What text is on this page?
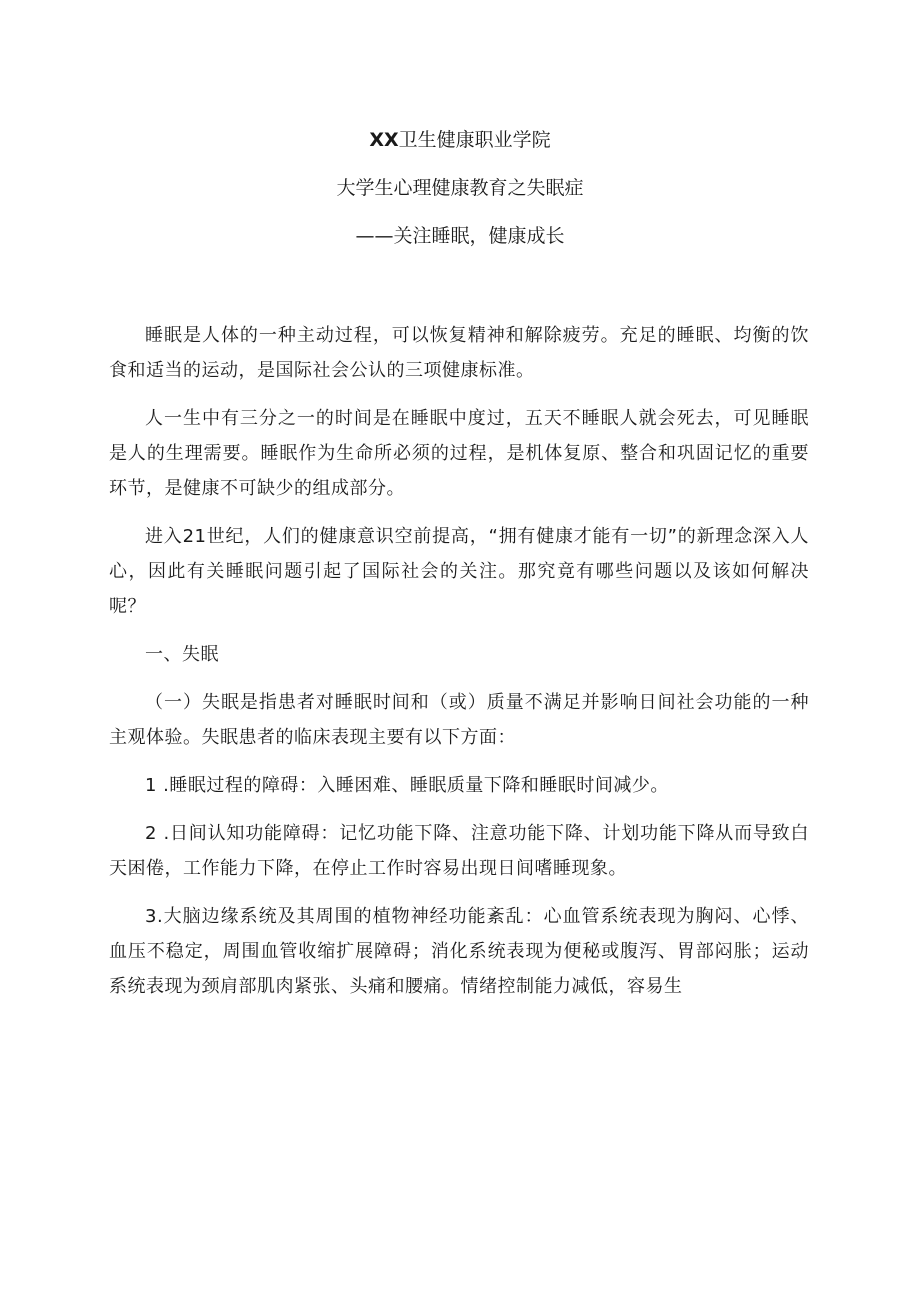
XX卫生健康职业学院
大学生心理健康教育之失眠症
——关注睡眠，健康成长

睡眠是人体的一种主动过程，可以恢复精神和解除疲劳。充足的睡眠、均衡的饮食和适当的运动，是国际社会公认的三项健康标准。

人一生中有三分之一的时间是在睡眠中度过，五天不睡眠人就会死去，可见睡眠是人的生理需要。睡眠作为生命所必须的过程，是机体复原、整合和巩固记忆的重要环节，是健康不可缺少的组成部分。

进入21世纪，人们的健康意识空前提高，“拥有健康才能有一切”的新理念深入人心，因此有关睡眠问题引起了国际社会的关注。那究竟有哪些问题以及该如何解决呢？

一、失眠

（一）失眠是指患者对睡眠时间和（或）质量不满足并影响日间社会功能的一种主观体验。失眠患者的临床表现主要有以下方面：

1 .睡眠过程的障碍：入睡困难、睡眠质量下降和睡眠时间减少。

2 .日间认知功能障碍：记忆功能下降、注意功能下降、计划功能下降从而导致白天困倦，工作能力下降，在停止工作时容易出现日间嗜睡现象。

3.大脑边缘系统及其周围的植物神经功能紊乱：心血管系统表现为胸闷、心悸、血压不稳定，周围血管收缩扩展障碍；消化系统表现为便秘或腹泻、胃部闷胀；运动系统表现为颈肩部肌肉紧张、头痛和腰痛。情绪控制能力减低，容易生
